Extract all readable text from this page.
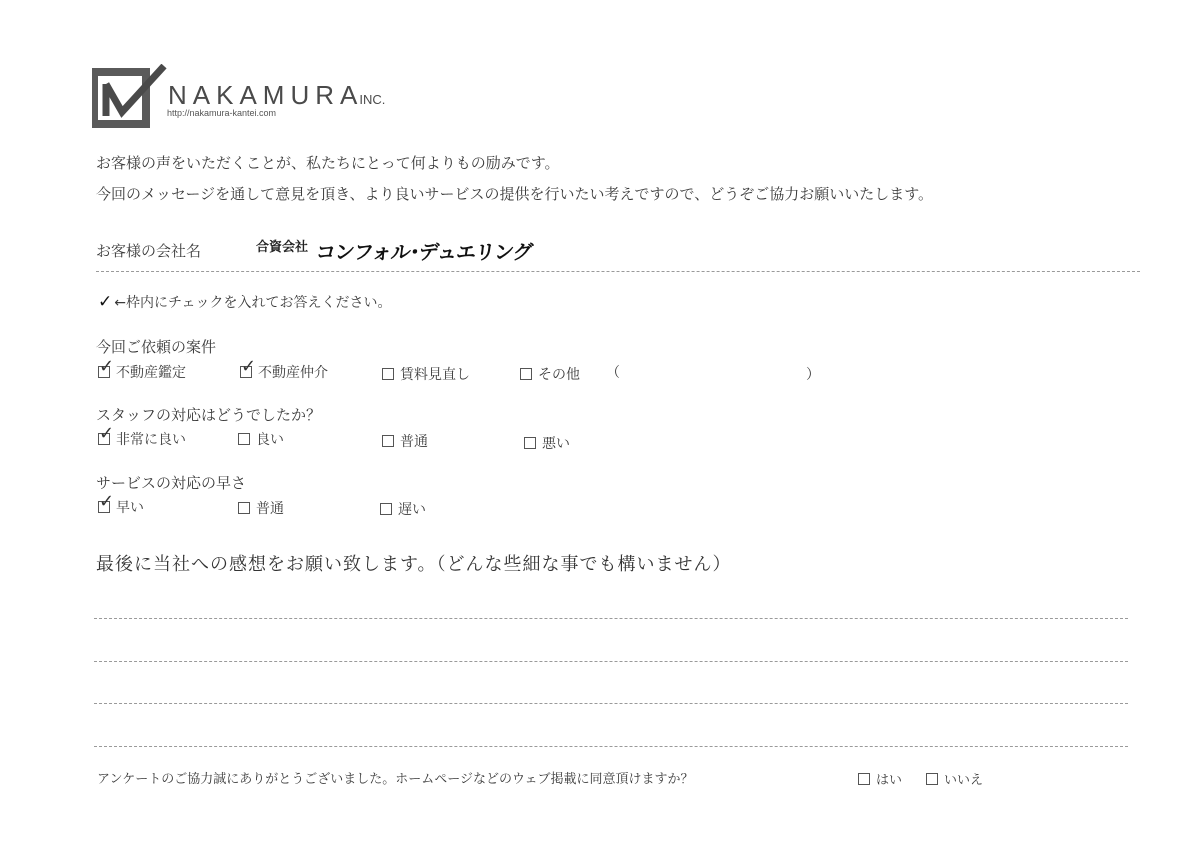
NAKAMURAINC.
http://nakamura-kantei.com
お客様の声をいただくことが、私たちにとって何よりもの励みです。
今回のメッセージを通して意見を頂き、より良いサービスの提供を行いたい考えですので、どうぞご協力お願いいたします。
お客様の会社名	合資会社 コンフォル･デュエリング
✓ ←枠内にチェックを入れてお答えください。
今回ご依頼の案件
✓ 不動産鑑定	✓ 不動産仲介	賃料見直し	その他 （	）
スタッフの対応はどうでしたか？
✓ 非常に良い	良い	普通	悪い
サービスの対応の早さ
✓ 早い	普通	遅い
最後に当社への感想をお願い致します。（どんな些細な事でも構いません）
アンケートのご協力誠にありがとうございました。ホームページなどのウェブ掲載に同意頂けますか？	はい	いいえ
